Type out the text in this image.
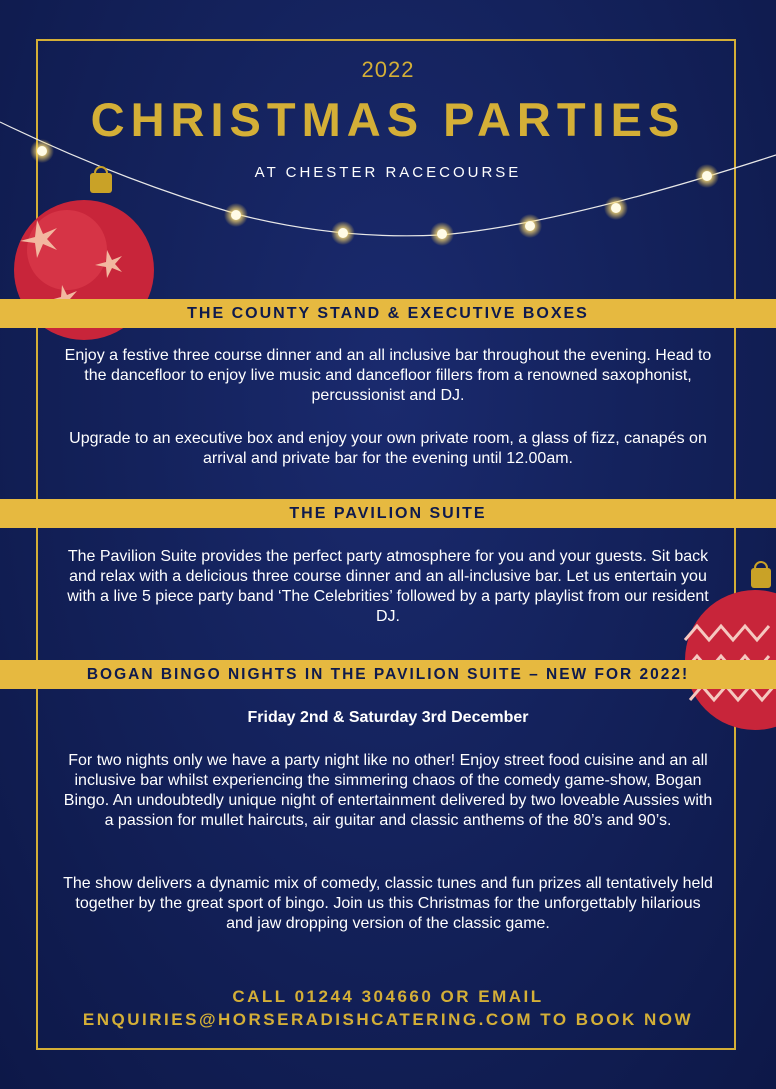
2022
CHRISTMAS PARTIES
AT CHESTER RACECOURSE
THE COUNTY STAND & EXECUTIVE BOXES
Enjoy a festive three course dinner and an all inclusive bar throughout the evening. Head to the dancefloor to enjoy live music and dancefloor fillers from a renowned saxophonist, percussionist and DJ.
Upgrade to an executive box and enjoy your own private room, a glass of fizz, canapés on arrival and private bar for the evening until 12.00am.
THE PAVILION SUITE
The Pavilion Suite provides the perfect party atmosphere for you and your guests. Sit back and relax with a delicious three course dinner and an all-inclusive bar. Let us entertain you with a live 5 piece party band ‘The Celebrities’ followed by a party playlist from our resident DJ.
BOGAN BINGO NIGHTS IN THE PAVILION SUITE – NEW FOR 2022!
Friday 2nd & Saturday 3rd December
For two nights only we have a party night like no other! Enjoy street food cuisine and an all inclusive bar whilst experiencing the simmering chaos of the comedy game-show, Bogan Bingo. An undoubtedly unique night of entertainment delivered by two loveable Aussies with a passion for mullet haircuts, air guitar and classic anthems of the 80’s and 90’s.
The show delivers a dynamic mix of comedy, classic tunes and fun prizes all tentatively held together by the great sport of bingo. Join us this Christmas for the unforgettably hilarious and jaw dropping version of the classic game.
CALL 01244 304660 OR EMAIL
ENQUIRIES@HORSERADISHCATERING.COM TO BOOK NOW
